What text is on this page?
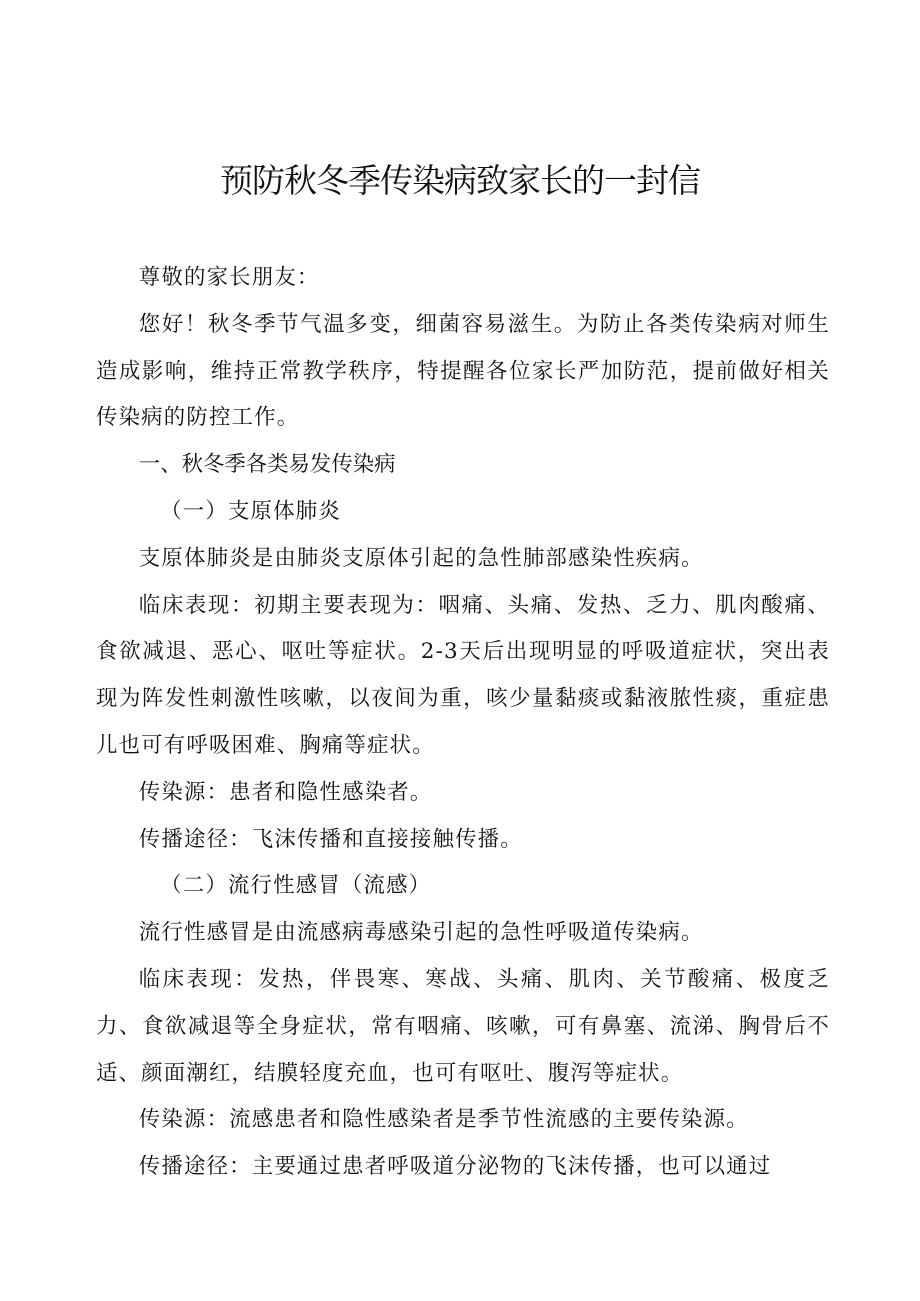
预防秋冬季传染病致家长的一封信

尊敬的家长朋友：

您好！秋冬季节气温多变，细菌容易滋生。为防止各类传染病对师生造成影响，维持正常教学秩序，特提醒各位家长严加防范，提前做好相关传染病的防控工作。

一、秋冬季各类易发传染病

（一）支原体肺炎

支原体肺炎是由肺炎支原体引起的急性肺部感染性疾病。

临床表现：初期主要表现为：咽痛、头痛、发热、乏力、肌肉酸痛、食欲减退、恶心、呕吐等症状。2-3天后出现明显的呼吸道症状，突出表现为阵发性刺激性咳嗽，以夜间为重，咳少量黏痰或黏液脓性痰，重症患儿也可有呼吸困难、胸痛等症状。

传染源：患者和隐性感染者。

传播途径：飞沫传播和直接接触传播。

（二）流行性感冒（流感）

流行性感冒是由流感病毒感染引起的急性呼吸道传染病。

临床表现：发热，伴畏寒、寒战、头痛、肌肉、关节酸痛、极度乏力、食欲减退等全身症状，常有咽痛、咳嗽，可有鼻塞、流涕、胸骨后不适、颜面潮红，结膜轻度充血，也可有呕吐、腹泻等症状。

传染源：流感患者和隐性感染者是季节性流感的主要传染源。

传播途径：主要通过患者呼吸道分泌物的飞沫传播，也可以通过
